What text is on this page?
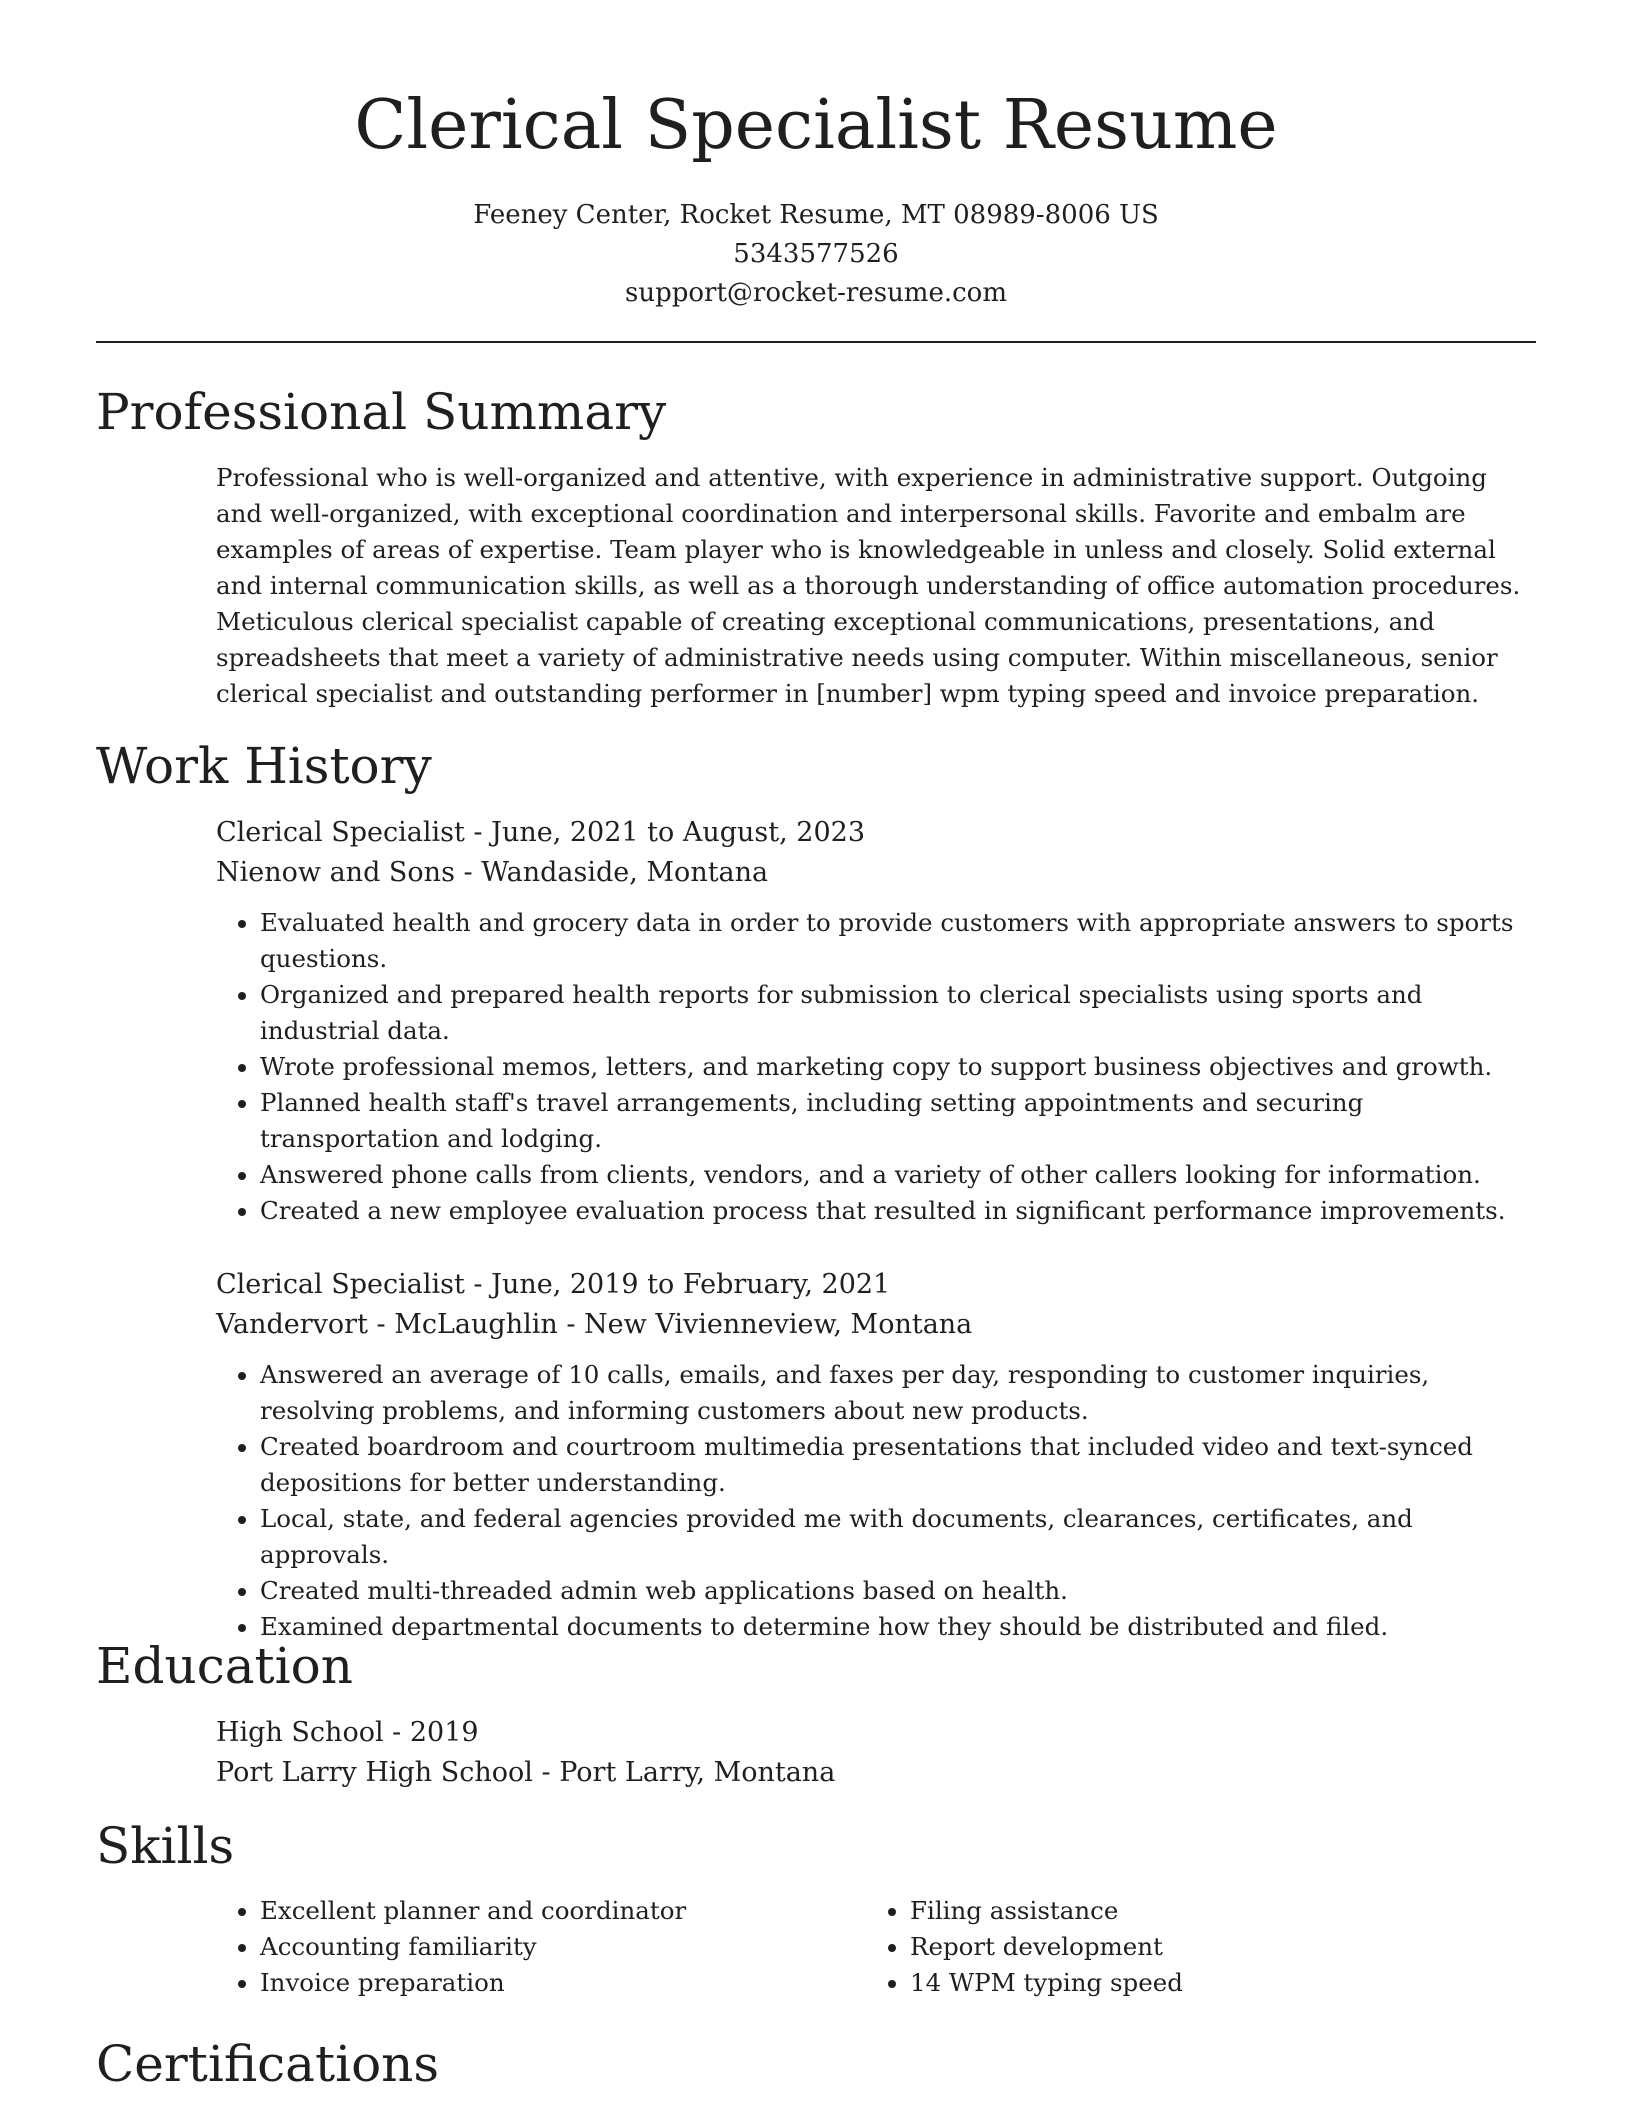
Clerical Specialist Resume
Feeney Center, Rocket Resume, MT 08989-8006 US
5343577526
support@rocket-resume.com
Professional Summary
Professional who is well-organized and attentive, with experience in administrative support. Outgoing and well-organized, with exceptional coordination and interpersonal skills. Favorite and embalm are examples of areas of expertise. Team player who is knowledgeable in unless and closely. Solid external and internal communication skills, as well as a thorough understanding of office automation procedures. Meticulous clerical specialist capable of creating exceptional communications, presentations, and spreadsheets that meet a variety of administrative needs using computer. Within miscellaneous, senior clerical specialist and outstanding performer in [number] wpm typing speed and invoice preparation.
Work History
Clerical Specialist - June, 2021 to August, 2023
Nienow and Sons - Wandaside, Montana
• Evaluated health and grocery data in order to provide customers with appropriate answers to sports questions.
• Organized and prepared health reports for submission to clerical specialists using sports and industrial data.
• Wrote professional memos, letters, and marketing copy to support business objectives and growth.
• Planned health staff's travel arrangements, including setting appointments and securing transportation and lodging.
• Answered phone calls from clients, vendors, and a variety of other callers looking for information.
• Created a new employee evaluation process that resulted in significant performance improvements.
Clerical Specialist - June, 2019 to February, 2021
Vandervort - McLaughlin - New Vivienneview, Montana
• Answered an average of 10 calls, emails, and faxes per day, responding to customer inquiries, resolving problems, and informing customers about new products.
• Created boardroom and courtroom multimedia presentations that included video and text-synced depositions for better understanding.
• Local, state, and federal agencies provided me with documents, clearances, certificates, and approvals.
• Created multi-threaded admin web applications based on health.
• Examined departmental documents to determine how they should be distributed and filed.
Education
High School - 2019
Port Larry High School - Port Larry, Montana
Skills
• Excellent planner and coordinator
• Accounting familiarity
• Invoice preparation
• Filing assistance
• Report development
• 14 WPM typing speed
Certifications
